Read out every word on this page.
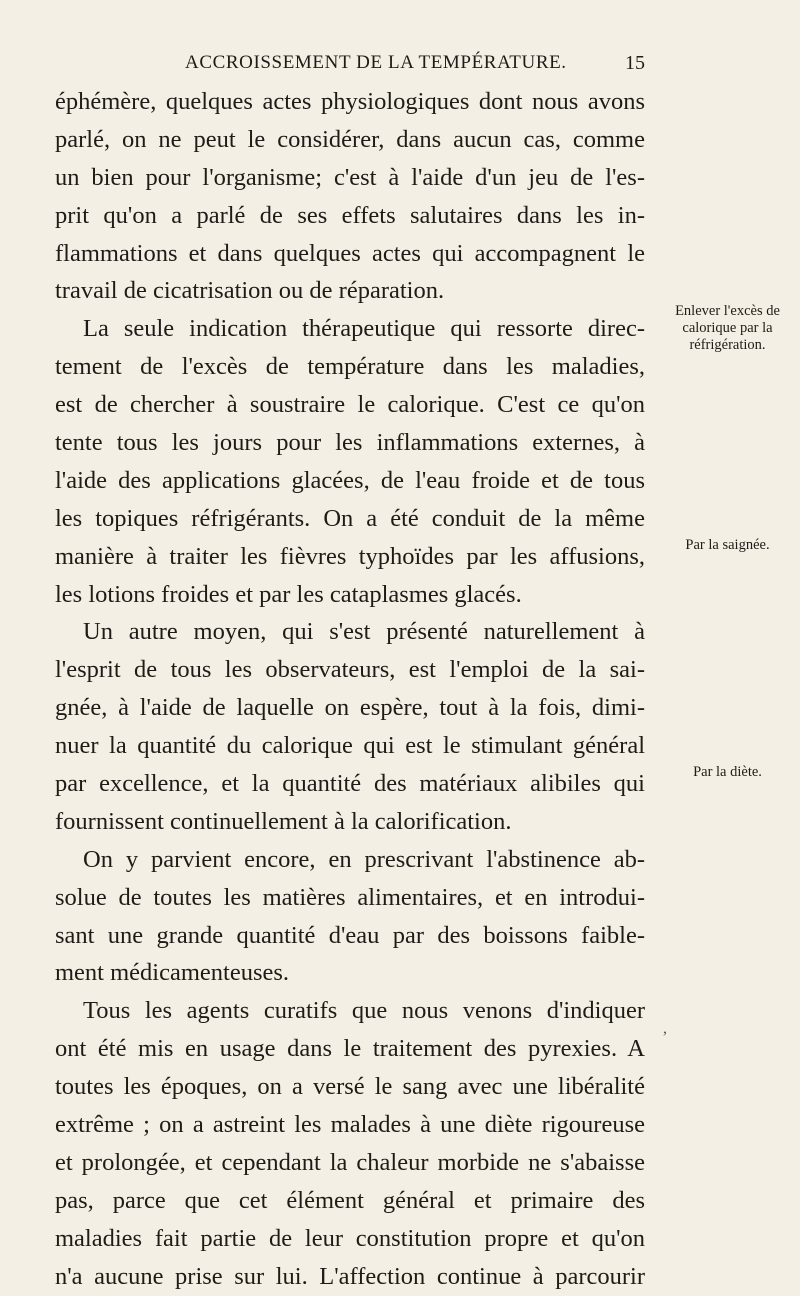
ACCROISSEMENT DE LA TEMPÉRATURE.	15
éphémère, quelques actes physiologiques dont nous avons
parlé, on ne peut le considérer, dans aucun cas, comme
un bien pour l'organisme; c'est à l'aide d'un jeu de l'es-
prit qu'on a parlé de ses effets salutaires dans les in-
flammations et dans quelques actes qui accompagnent le
travail de cicatrisation ou de réparation.
La seule indication thérapeutique qui ressorte direc-
tement de l'excès de température dans les maladies,
est de chercher à soustraire le calorique. C'est ce qu'on
tente tous les jours pour les inflammations externes, à
l'aide des applications glacées, de l'eau froide et de tous
les topiques réfrigérants. On a été conduit de la même
manière à traiter les fièvres typhoïdes par les affusions,
les lotions froides et par les cataplasmes glacés.
Un autre moyen, qui s'est présenté naturellement à
l'esprit de tous les observateurs, est l'emploi de la sai-
gnée, à l'aide de laquelle on espère, tout à la fois, dimi-
nuer la quantité du calorique qui est le stimulant général
par excellence, et la quantité des matériaux alibiles qui
fournissent continuellement à la calorification.
On y parvient encore, en prescrivant l'abstinence ab-
solue de toutes les matières alimentaires, et en introdui-
sant une grande quantité d'eau par des boissons faible-
ment médicamenteuses.
Tous les agents curatifs que nous venons d'indiquer
ont été mis en usage dans le traitement des pyrexies. A
toutes les époques, on a versé le sang avec une libéralité
extrême ; on a astreint les malades à une diète rigoureuse
et prolongée, et cependant la chaleur morbide ne s'abaisse
pas, parce que cet élément général et primaire des
maladies fait partie de leur constitution propre et qu'on
n'a aucune prise sur lui. L'affection continue à parcourir
Enlever l'excès de calorique par la réfrigération.
Par la saignée.
Par la diète.
,
